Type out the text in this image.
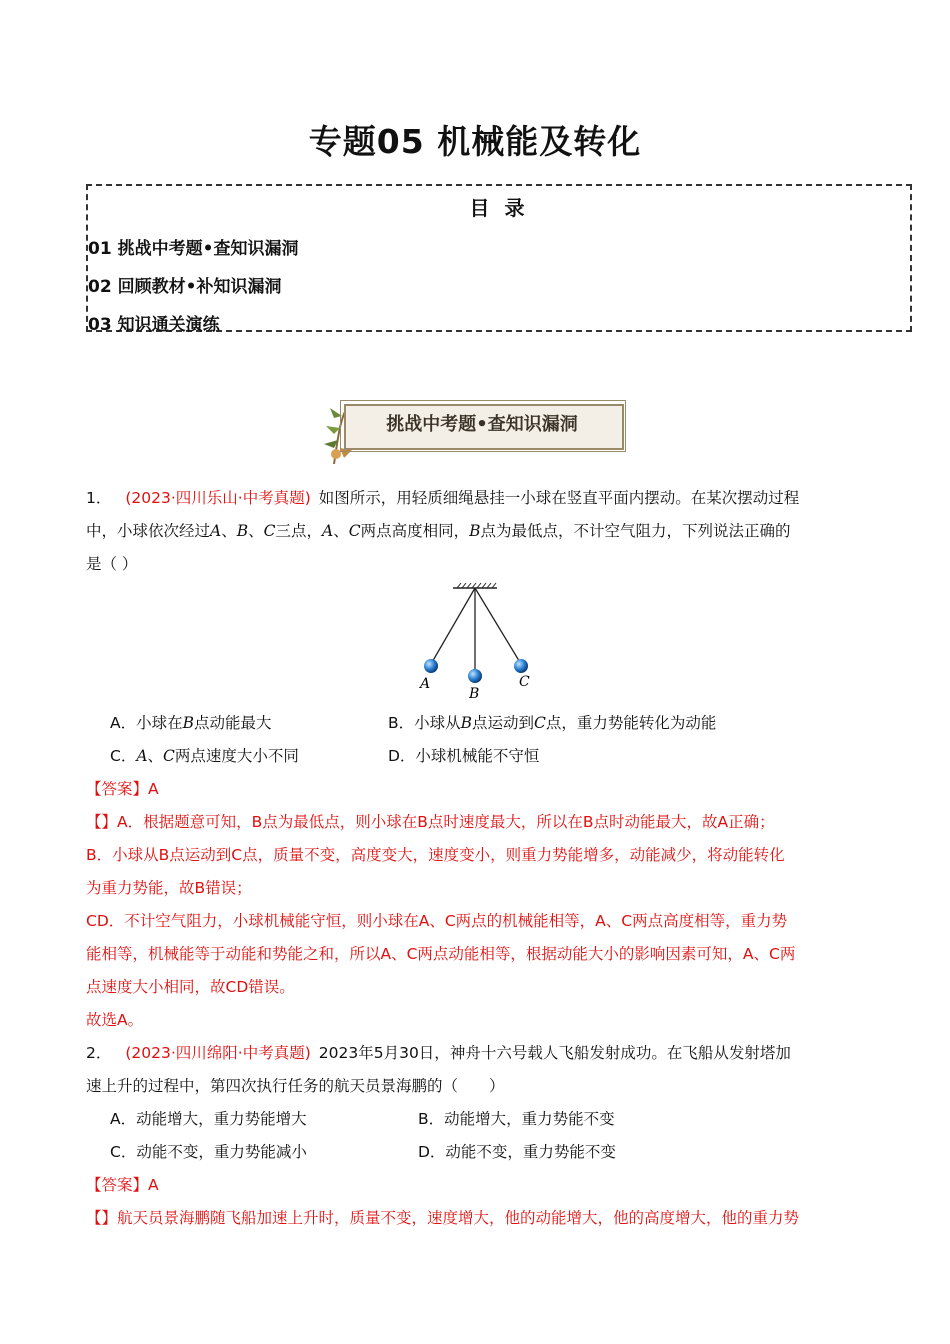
专题05 机械能及转化
目 录
01 挑战中考题•查知识漏洞
02 回顾教材•补知识漏洞
03 知识通关演练
挑战中考题•查知识漏洞
1． (2023·四川乐山·中考真题) 如图所示，用轻质细绳悬挂一小球在竖直平面内摆动。在某次摆动过程
中，小球依次经过A、B、C三点，A、C两点高度相同，B点为最低点，不计空气阻力，下列说法正确的
是（ ）
A
B
C
A．小球在B点动能最大	B．小球从B点运动到C点，重力势能转化为动能
C．A、C两点速度大小不同	D．小球机械能不守恒
【答案】A
【】A．根据题意可知，B点为最低点，则小球在B点时速度最大，所以在B点时动能最大，故A正确；
B．小球从B点运动到C点，质量不变，高度变大，速度变小，则重力势能增多，动能减少，将动能转化
为重力势能，故B错误；
CD．不计空气阻力，小球机械能守恒，则小球在A、C两点的机械能相等，A、C两点高度相等，重力势
能相等，机械能等于动能和势能之和，所以A、C两点动能相等，根据动能大小的影响因素可知，A、C两
点速度大小相同，故CD错误。
故选A。
2． (2023·四川绵阳·中考真题) 2023年5月30日，神舟十六号载人飞船发射成功。在飞船从发射塔加
速上升的过程中，第四次执行任务的航天员景海鹏的（　　）
A．动能增大，重力势能增大	B．动能增大，重力势能不变
C．动能不变，重力势能减小	D．动能不变，重力势能不变
【答案】A
【】航天员景海鹏随飞船加速上升时，质量不变，速度增大，他的动能增大，他的高度增大，他的重力势
